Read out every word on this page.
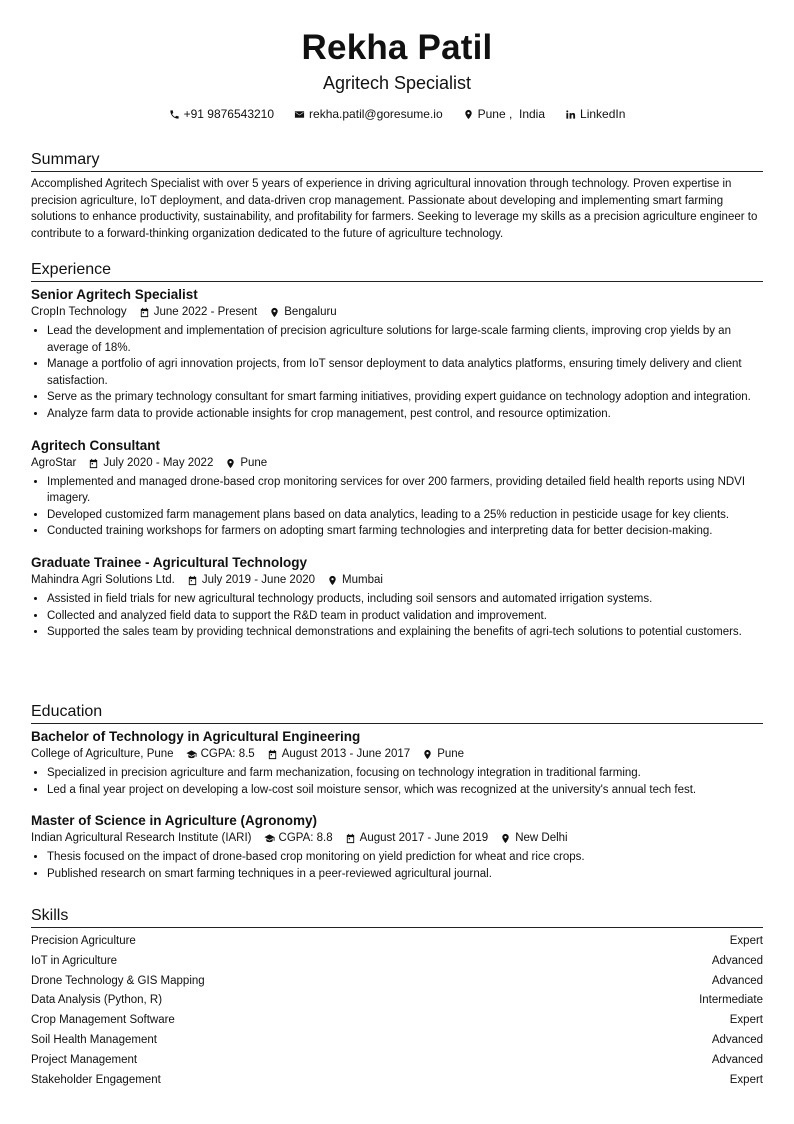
Rekha Patil
Agritech Specialist
+91 9876543210	rekha.patil@goresume.io	Pune ,  India	LinkedIn
Summary
Accomplished Agritech Specialist with over 5 years of experience in driving agricultural innovation through technology. Proven expertise in precision agriculture, IoT deployment, and data-driven crop management. Passionate about developing and implementing smart farming solutions to enhance productivity, sustainability, and profitability for farmers. Seeking to leverage my skills as a precision agriculture engineer to contribute to a forward-thinking organization dedicated to the future of agriculture technology.
Experience
Senior Agritech Specialist
CropIn Technology June 2022 - Present Bengaluru
• Lead the development and implementation of precision agriculture solutions for large-scale farming clients, improving crop yields by an average of 18%.
• Manage a portfolio of agri innovation projects, from IoT sensor deployment to data analytics platforms, ensuring timely delivery and client satisfaction.
• Serve as the primary technology consultant for smart farming initiatives, providing expert guidance on technology adoption and integration.
• Analyze farm data to provide actionable insights for crop management, pest control, and resource optimization.
Agritech Consultant
AgroStar July 2020 - May 2022 Pune
• Implemented and managed drone-based crop monitoring services for over 200 farmers, providing detailed field health reports using NDVI imagery.
• Developed customized farm management plans based on data analytics, leading to a 25% reduction in pesticide usage for key clients.
• Conducted training workshops for farmers on adopting smart farming technologies and interpreting data for better decision-making.
Graduate Trainee - Agricultural Technology
Mahindra Agri Solutions Ltd. July 2019 - June 2020 Mumbai
• Assisted in field trials for new agricultural technology products, including soil sensors and automated irrigation systems.
• Collected and analyzed field data to support the R&D team in product validation and improvement.
• Supported the sales team by providing technical demonstrations and explaining the benefits of agri-tech solutions to potential customers.
Education
Bachelor of Technology in Agricultural Engineering
College of Agriculture, Pune CGPA: 8.5 August 2013 - June 2017 Pune
• Specialized in precision agriculture and farm mechanization, focusing on technology integration in traditional farming.
• Led a final year project on developing a low-cost soil moisture sensor, which was recognized at the university's annual tech fest.
Master of Science in Agriculture (Agronomy)
Indian Agricultural Research Institute (IARI) CGPA: 8.8 August 2017 - June 2019 New Delhi
• Thesis focused on the impact of drone-based crop monitoring on yield prediction for wheat and rice crops.
• Published research on smart farming techniques in a peer-reviewed agricultural journal.
Skills
Precision Agriculture	Expert
IoT in Agriculture	Advanced
Drone Technology & GIS Mapping	Advanced
Data Analysis (Python, R)	Intermediate
Crop Management Software	Expert
Soil Health Management	Advanced
Project Management	Advanced
Stakeholder Engagement	Expert
